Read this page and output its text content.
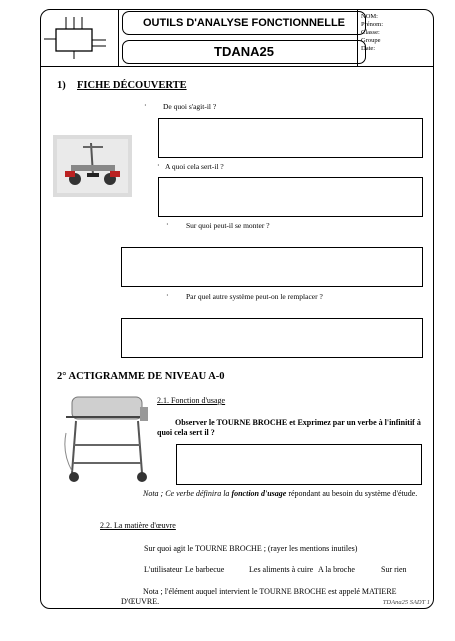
OUTILS D'ANALYSE FONCTIONNELLE
TDANA25
NOM:
Prénom:
Classe:
Groupe
Date:
1) FICHE DÉCOUVERTE
· De quoi s'agit-il ?
· A quoi cela sert-il ?
· Sur quoi peut-il se monter ?
· Par quel autre système peut-on le remplacer ?
2° ACTIGRAMME DE NIVEAU A-0
2.1. Fonction d'usage
Observer le TOURNE BROCHE et Exprimez par un verbe à l'infinitif à quoi cela sert il ?
Nota ; Ce verbe définira la fonction d'usage répondant au besoin du système d'étude.
2.2. La matière d'œuvre
Sur quoi agit le TOURNE BROCHE ; (rayer les mentions inutiles)
L'utilisateur Le barbecue	Les aliments à cuire A la broche	Sur rien
Nota ; l'élément auquel intervient le TOURNE BROCHE est appelé MATIERE D'ŒUVRE.	TDAna25 SADT 1
